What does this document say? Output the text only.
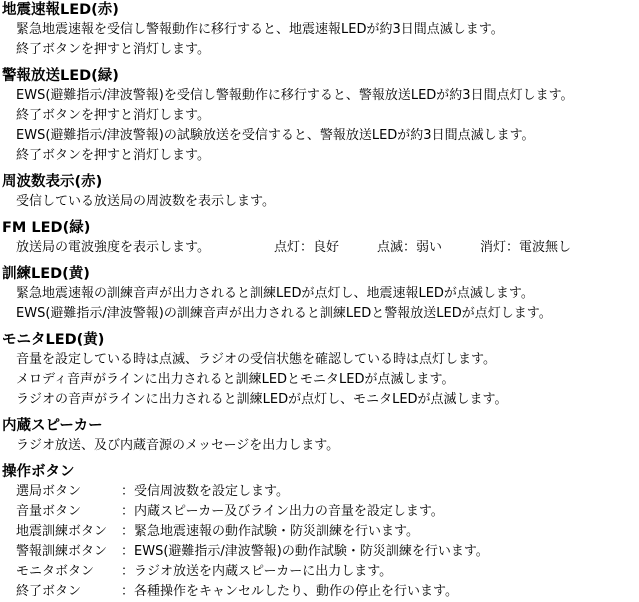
地震速報LED(赤)
緊急地震速報を受信し警報動作に移行すると、地震速報LEDが約3日間点滅します。
終了ボタンを押すと消灯します。
警報放送LED(緑)
EWS(避難指示/津波警報)を受信し警報動作に移行すると、警報放送LEDが約3日間点灯します。
終了ボタンを押すと消灯します。
EWS(避難指示/津波警報)の試験放送を受信すると、警報放送LEDが約3日間点滅します。
終了ボタンを押すと消灯します。
周波数表示(赤)
受信している放送局の周波数を表示します。
FM LED(緑)
放送局の電波強度を表示します。	点灯：良好	点滅：弱い	消灯：電波無し
訓練LED(黄)
緊急地震速報の訓練音声が出力されると訓練LEDが点灯し、地震速報LEDが点滅します。
EWS(避難指示/津波警報)の訓練音声が出力されると訓練LEDと警報放送LEDが点灯します。
モニタLED(黄)
音量を設定している時は点滅、ラジオの受信状態を確認している時は点灯します。
メロディ音声がラインに出力されると訓練LEDとモニタLEDが点滅します。
ラジオの音声がラインに出力されると訓練LEDが点灯し、モニタLEDが点滅します。
内蔵スピーカー
ラジオ放送、及び内蔵音源のメッセージを出力します。
操作ボタン
選局ボタン	：受信周波数を設定します。
音量ボタン	：内蔵スピーカー及びライン出力の音量を設定します。
地震訓練ボタン	：緊急地震速報の動作試験・防災訓練を行います。
警報訓練ボタン	：EWS(避難指示/津波警報)の動作試験・防災訓練を行います。
モニタボタン	：ラジオ放送を内蔵スピーカーに出力します。
終了ボタン	：各種操作をキャンセルしたり、動作の停止を行います。
